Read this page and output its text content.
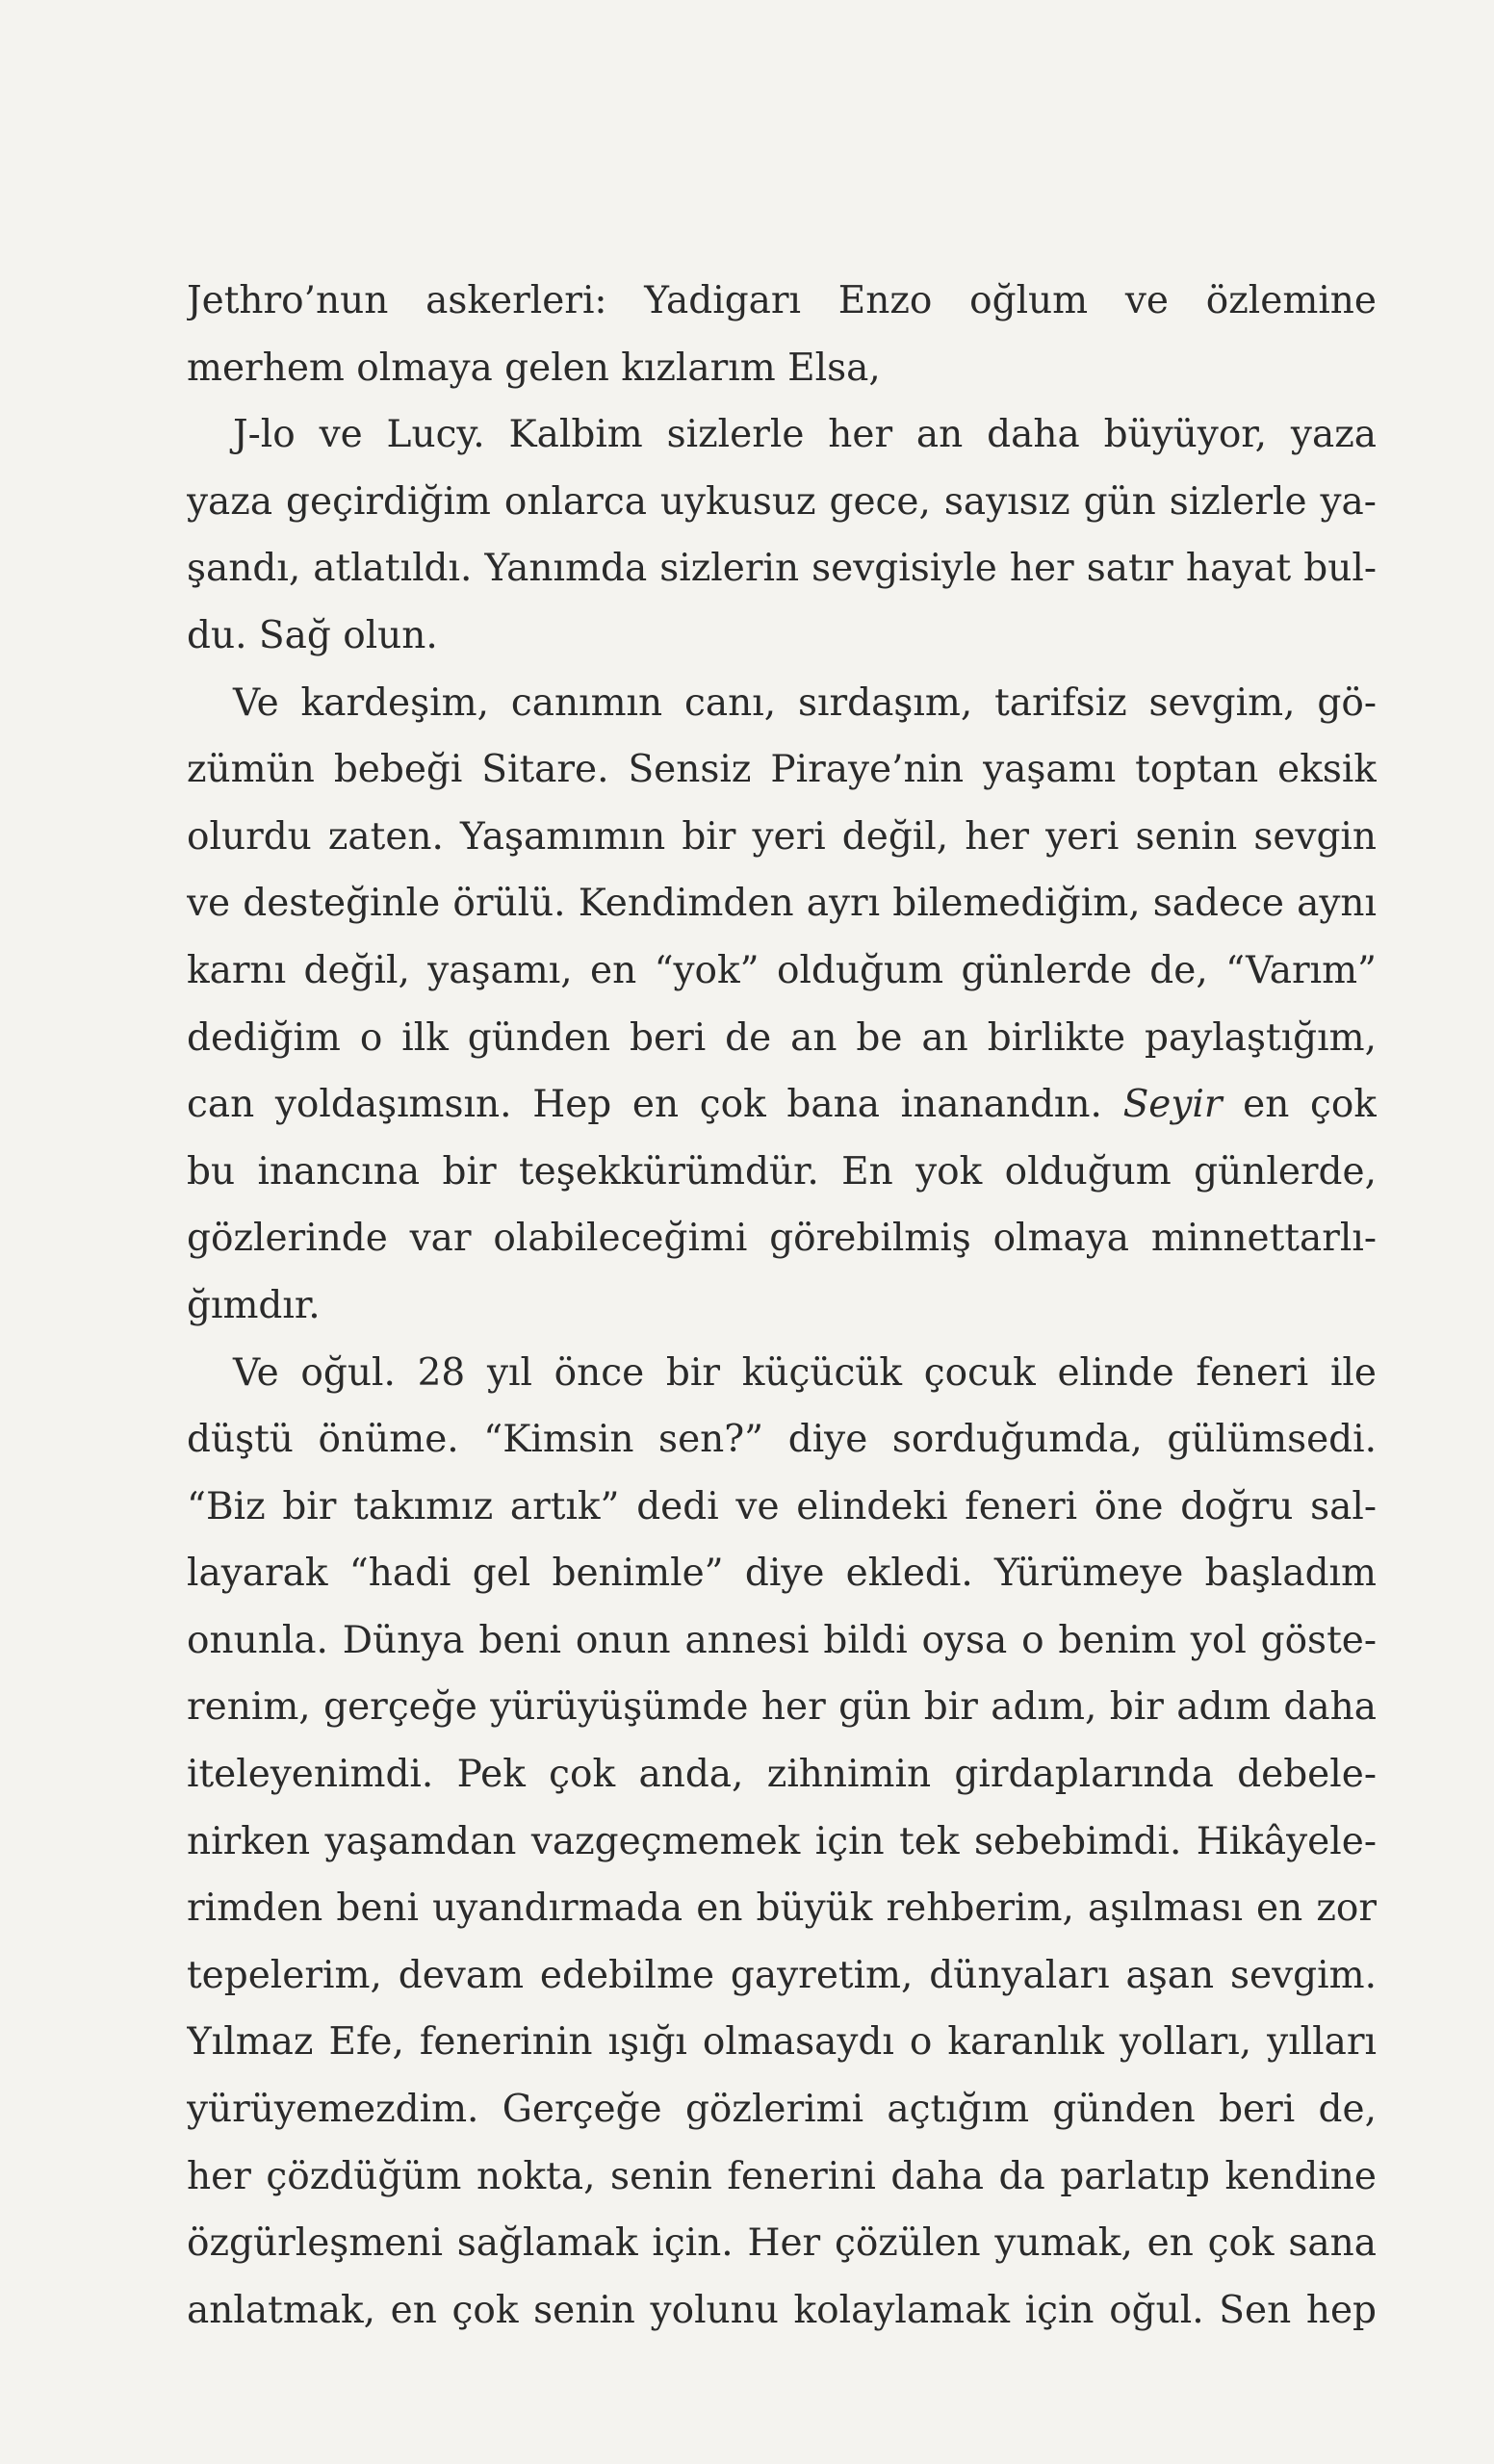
Jethro’nun askerleri: Yadigarı Enzo oğlum ve özlemine
merhem olmaya gelen kızlarım Elsa,
J-lo ve Lucy. Kalbim sizlerle her an daha büyüyor, yaza
yaza geçirdiğim onlarca uykusuz gece, sayısız gün sizlerle ya-
şandı, atlatıldı. Yanımda sizlerin sevgisiyle her satır hayat bul-
du. Sağ olun.
Ve kardeşim, canımın canı, sırdaşım, tarifsiz sevgim, gö-
zümün bebeği Sitare. Sensiz Piraye’nin yaşamı toptan eksik
olurdu zaten. Yaşamımın bir yeri değil, her yeri senin sevgin
ve desteğinle örülü. Kendimden ayrı bilemediğim, sadece aynı
karnı değil, yaşamı, en “yok” olduğum günlerde de, “Varım”
dediğim o ilk günden beri de an be an birlikte paylaştığım,
can yoldaşımsın. Hep en çok bana inanandın. Seyir en çok
bu inancına bir teşekkürümdür. En yok olduğum günlerde,
gözlerinde var olabileceğimi görebilmiş olmaya minnettarlı-
ğımdır.
Ve oğul. 28 yıl önce bir küçücük çocuk elinde feneri ile
düştü önüme. “Kimsin sen?” diye sorduğumda, gülümsedi.
“Biz bir takımız artık” dedi ve elindeki feneri öne doğru sal-
layarak “hadi gel benimle” diye ekledi. Yürümeye başladım
onunla. Dünya beni onun annesi bildi oysa o benim yol göste-
renim, gerçeğe yürüyüşümde her gün bir adım, bir adım daha
iteleyenimdi. Pek çok anda, zihnimin girdaplarında debele-
nirken yaşamdan vazgeçmemek için tek sebebimdi. Hikâyele-
rimden beni uyandırmada en büyük rehberim, aşılması en zor
tepelerim, devam edebilme gayretim, dünyaları aşan sevgim.
Yılmaz Efe, fenerinin ışığı olmasaydı o karanlık yolları, yılları
yürüyemezdim. Gerçeğe gözlerimi açtığım günden beri de,
her çözdüğüm nokta, senin fenerini daha da parlatıp kendine
özgürleşmeni sağlamak için. Her çözülen yumak, en çok sana
anlatmak, en çok senin yolunu kolaylamak için oğul. Sen hep
